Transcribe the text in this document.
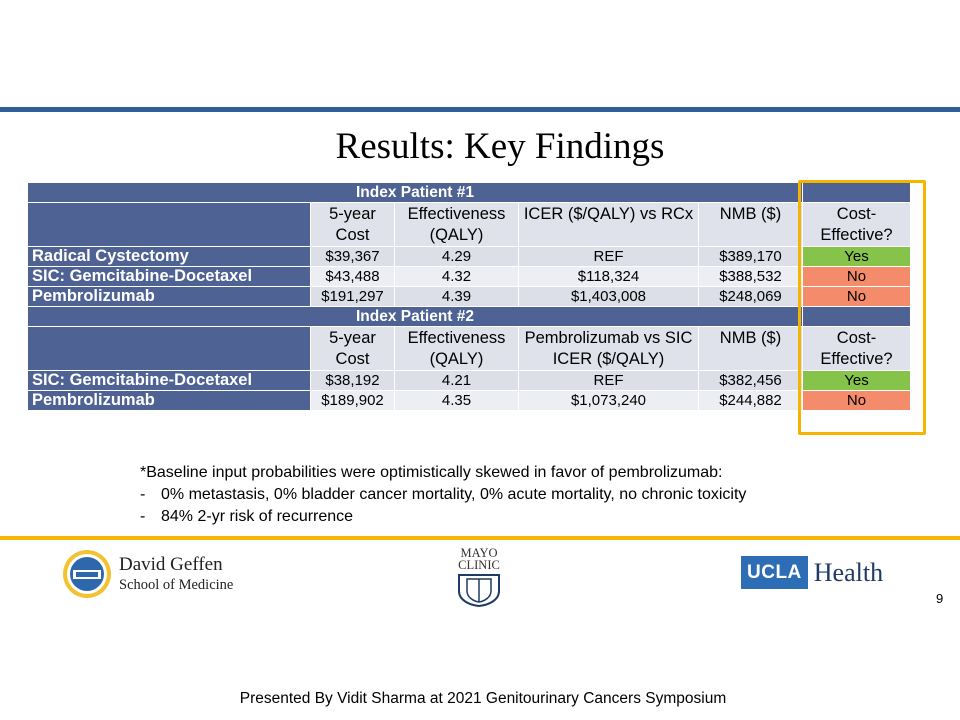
Results: Key Findings
Index Patient #1					
	5-year Cost	Effectiveness (QALY)	ICER ($/QALY) vs RCx	NMB ($)	Cost-Effective?
Radical Cystectomy	$39,367	4.29	REF	$389,170	Yes
SIC: Gemcitabine-Docetaxel	$43,488	4.32	$118,324	$388,532	No
Pembrolizumab	$191,297	4.39	$1,403,008	$248,069	No
Index Patient #2					
	5-year Cost	Effectiveness (QALY)	Pembrolizumab vs SIC ICER ($/QALY)	NMB ($)	Cost-Effective?
SIC: Gemcitabine-Docetaxel	$38,192	4.21	REF	$382,456	Yes
Pembrolizumab	$189,902	4.35	$1,073,240	$244,882	No
*Baseline input probabilities were optimistically skewed in favor of pembrolizumab:
- 0% metastasis, 0% bladder cancer mortality, 0% acute mortality, no chronic toxicity
- 84% 2-yr risk of recurrence
David Geffen
School of Medicine
MAYO
CLINIC	UCLA Health
9
Presented By Vidit Sharma at 2021 Genitourinary Cancers Symposium
